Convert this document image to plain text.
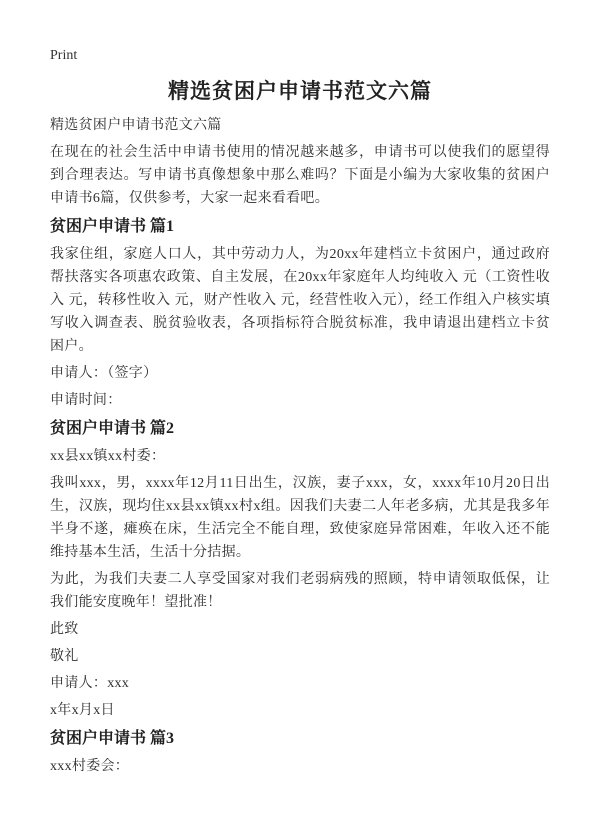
Print
精选贫困户申请书范文六篇

精选贫困户申请书范文六篇

在现在的社会生活中申请书使用的情况越来越多，申请书可以使我们的愿望得到合理表达。写申请书真像想象中那么难吗？下面是小编为大家收集的贫困户申请书6篇，仅供参考，大家一起来看看吧。

贫困户申请书 篇1

我家住组，家庭人口人，其中劳动力人，为20xx年建档立卡贫困户，通过政府帮扶落实各项惠农政策、自主发展，在20xx年家庭年人均纯收入 元（工资性收入 元，转移性收入 元，财产性收入 元，经营性收入元），经工作组入户核实填写收入调查表、脱贫验收表，各项指标符合脱贫标准，我申请退出建档立卡贫困户。

申请人：（签字）

申请时间：

贫困户申请书 篇2

xx县xx镇xx村委：

我叫xxx，男，xxxx年12月11日出生，汉族，妻子xxx，女，xxxx年10月20日出生，汉族，现均住xx县xx镇xx村x组。因我们夫妻二人年老多病，尤其是我多年半身不遂，瘫痪在床，生活完全不能自理，致使家庭异常困难，年收入还不能维持基本生活，生活十分拮据。

为此，为我们夫妻二人享受国家对我们老弱病残的照顾，特申请领取低保，让我们能安度晚年！望批准！

此致

敬礼

申请人：xxx

x年x月x日

贫困户申请书 篇3

xxx村委会：
